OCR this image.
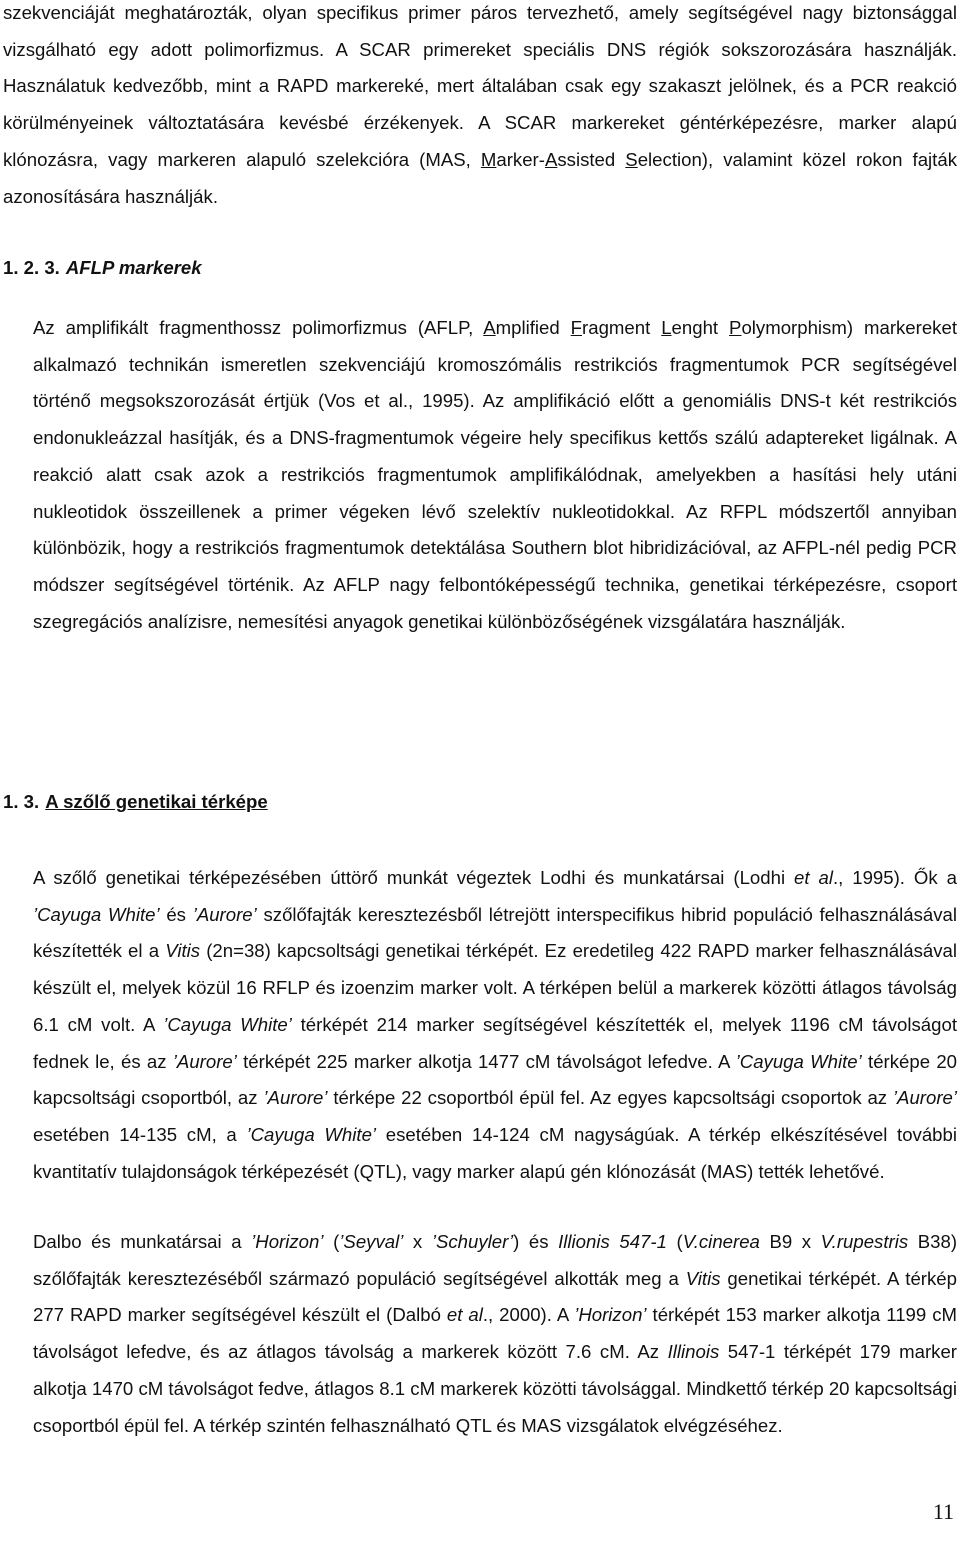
szekvenciáját meghatározták, olyan specifikus primer páros tervezhető, amely segítségével nagy biztonsággal vizsgálható egy adott polimorfizmus. A SCAR primereket speciális DNS régiók sokszorozására használják. Használatuk kedvezőbb, mint a RAPD markereké, mert általában csak egy szakaszt jelölnek, és a PCR reakció körülményeinek változtatására kevésbé érzékenyek. A SCAR markereket géntérképezésre, marker alapú klónozásra, vagy markeren alapuló szelekcióra (MAS, Marker-Assisted Selection), valamint közel rokon fajták azonosítására használják.

1. 2. 3. AFLP markerek

Az amplifikált fragmenthossz polimorfizmus (AFLP, Amplified Fragment Lenght Polymorphism) markereket alkalmazó technikán ismeretlen szekvenciájú kromoszómális restrikciós fragmentumok PCR segítségével történő megsokszorozását értjük (Vos et al., 1995). Az amplifikáció előtt a genomiális DNS-t két restrikciós endonukleázzal hasítják, és a DNS-fragmentumok végeire hely specifikus kettős szálú adaptereket ligálnak. A reakció alatt csak azok a restrikciós fragmentumok amplifikálódnak, amelyekben a hasítási hely utáni nukleotidok összeillenek a primer végeken lévő szelektív nukleotidokkal. Az RFPL módszertől annyiban különbözik, hogy a restrikciós fragmentumok detektálása Southern blot hibridizációval, az AFPL-nél pedig PCR módszer segítségével történik. Az AFLP nagy felbontóképességű technika, genetikai térképezésre, csoport szegregációs analízisre, nemesítési anyagok genetikai különbözőségének vizsgálatára használják.

1. 3. A szőlő genetikai térképe

A szőlő genetikai térképezésében úttörő munkát végeztek Lodhi és munkatársai (Lodhi et al., 1995). Ők a ’Cayuga White’ és ’Aurore’ szőlőfajták keresztezésből létrejött interspecifikus hibrid populáció felhasználásával készítették el a Vitis (2n=38) kapcsoltsági genetikai térképét. Ez eredetileg 422 RAPD marker felhasználásával készült el, melyek közül 16 RFLP és izoenzim marker volt. A térképen belül a markerek közötti átlagos távolság 6.1 cM volt. A ’Cayuga White’ térképét 214 marker segítségével készítették el, melyek 1196 cM távolságot fednek le, és az ’Aurore’ térképét 225 marker alkotja 1477 cM távolságot lefedve. A ’Cayuga White’ térképe 20 kapcsoltsági csoportból, az ’Aurore’ térképe 22 csoportból épül fel. Az egyes kapcsoltsági csoportok az ’Aurore’ esetében 14-135 cM, a ’Cayuga White’ esetében 14-124 cM nagyságúak. A térkép elkészítésével további kvantitatív tulajdonságok térképezését (QTL), vagy marker alapú gén klónozását (MAS) tették lehetővé.

Dalbo és munkatársai a ’Horizon’ (’Seyval’ x ’Schuyler’) és Illionis 547-1 (V.cinerea B9 x V.rupestris B38) szőlőfajták keresztezéséből származó populáció segítségével alkották meg a Vitis genetikai térképét. A térkép 277 RAPD marker segítségével készült el (Dalbó et al., 2000). A ’Horizon’ térképét 153 marker alkotja 1199 cM távolságot lefedve, és az átlagos távolság a markerek között 7.6 cM. Az Illinois 547-1 térképét 179 marker alkotja 1470 cM távolságot fedve, átlagos 8.1 cM markerek közötti távolsággal. Mindkettő térkép 20 kapcsoltsági csoportból épül fel. A térkép szintén felhasználható QTL és MAS vizsgálatok elvégzéséhez.

11
